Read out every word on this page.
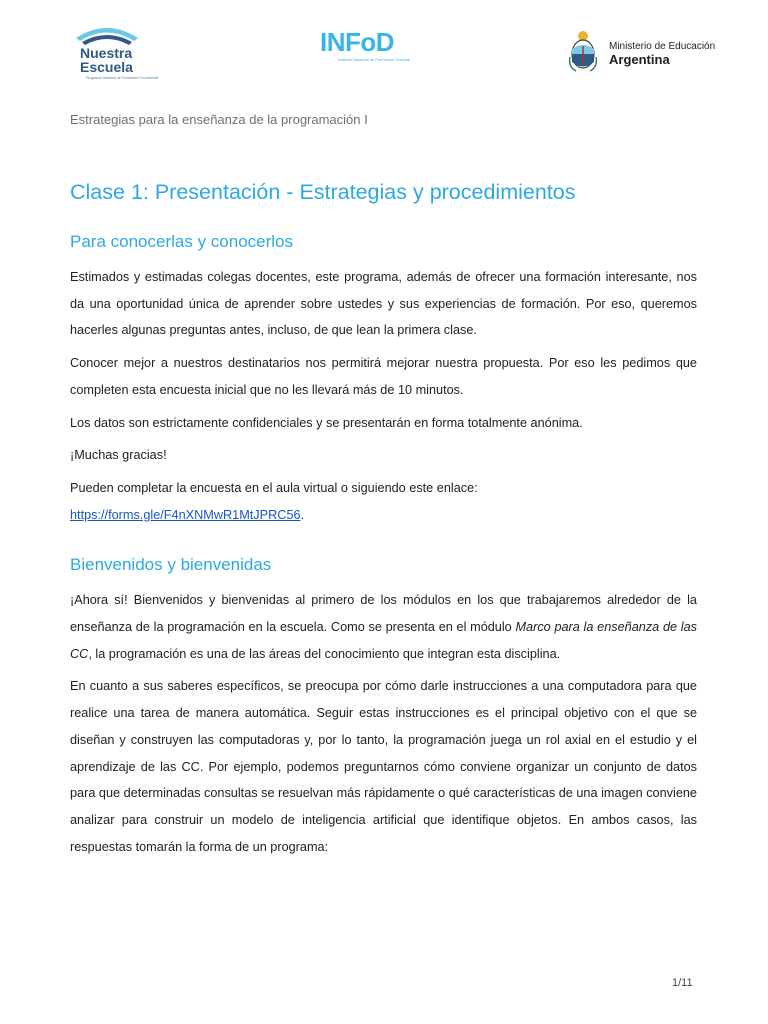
Nuestra
Escuela
Programa Nacional de Formación Permanente
INFoD
Instituto Nacional de Formación Docente
Ministerio de Educación
Argentina
Estrategias para la enseñanza de la programación I
Clase 1: Presentación - Estrategias y procedimientos
Para conocerlas y conocerlos

Estimados y estimadas colegas docentes, este programa, además de ofrecer una formación interesante, nos da una oportunidad única de aprender sobre ustedes y sus experiencias de formación. Por eso, queremos hacerles algunas preguntas antes, incluso, de que lean la primera clase.

Conocer mejor a nuestros destinatarios nos permitirá mejorar nuestra propuesta. Por eso les pedimos que completen esta encuesta inicial que no les llevará más de 10 minutos.

Los datos son estrictamente confidenciales y se presentarán en forma totalmente anónima.

¡Muchas gracias!

Pueden completar la encuesta en el aula virtual o siguiendo este enlace:
https://forms.gle/F4nXNMwR1MtJPRC56.

Bienvenidos y bienvenidas

¡Ahora sí! Bienvenidos y bienvenidas al primero de los módulos en los que trabajaremos alrededor de la enseñanza de la programación en la escuela. Como se presenta en el módulo Marco para la enseñanza de las CC, la programación es una de las áreas del conocimiento que integran esta disciplina.

En cuanto a sus saberes específicos, se preocupa por cómo darle instrucciones a una computadora para que realice una tarea de manera automática. Seguir estas instrucciones es el principal objetivo con el que se diseñan y construyen las computadoras y, por lo tanto, la programación juega un rol axial en el estudio y el aprendizaje de las CC. Por ejemplo, podemos preguntarnos cómo conviene organizar un conjunto de datos para que determinadas consultas se resuelvan más rápidamente o qué características de una imagen conviene analizar para construir un modelo de inteligencia artificial que identifique objetos. En ambos casos, las respuestas tomarán la forma de un programa:

1/11
